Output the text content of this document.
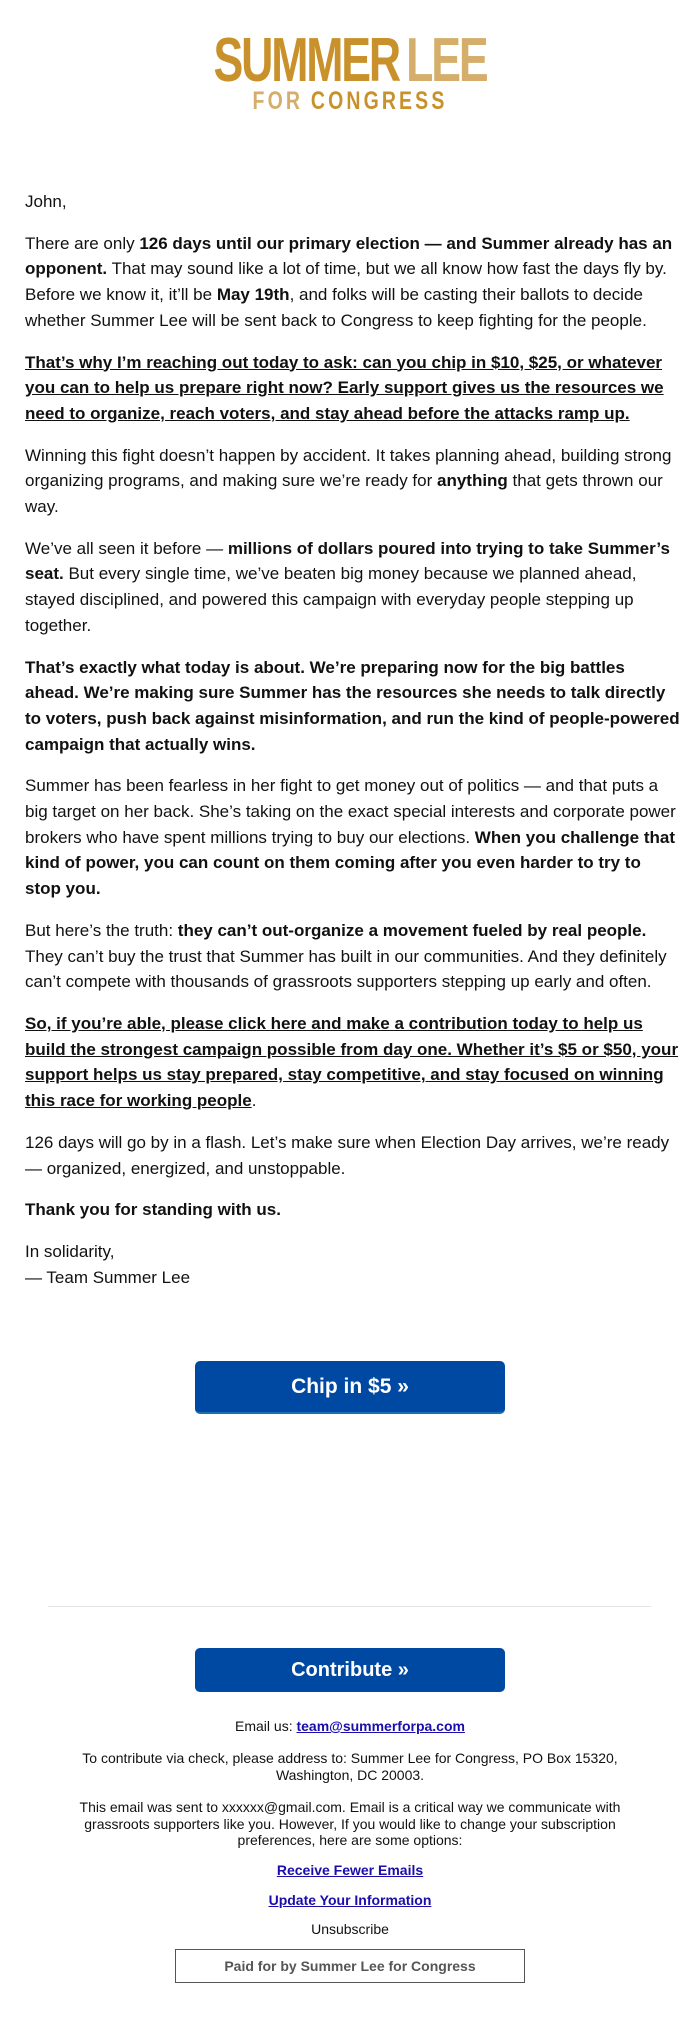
SUMMER LEE
FOR CONGRESS

John,

There are only 126 days until our primary election — and Summer already has an opponent. That may sound like a lot of time, but we all know how fast the days fly by. Before we know it, it’ll be May 19th, and folks will be casting their ballots to decide whether Summer Lee will be sent back to Congress to keep fighting for the people.

That’s why I’m reaching out today to ask: can you chip in $10, $25, or whatever you can to help us prepare right now? Early support gives us the resources we need to organize, reach voters, and stay ahead before the attacks ramp up.

Winning this fight doesn’t happen by accident. It takes planning ahead, building strong organizing programs, and making sure we’re ready for anything that gets thrown our way.

We’ve all seen it before — millions of dollars poured into trying to take Summer’s seat. But every single time, we’ve beaten big money because we planned ahead, stayed disciplined, and powered this campaign with everyday people stepping up together.

That’s exactly what today is about. We’re preparing now for the big battles ahead. We’re making sure Summer has the resources she needs to talk directly to voters, push back against misinformation, and run the kind of people-powered campaign that actually wins.

Summer has been fearless in her fight to get money out of politics — and that puts a big target on her back. She’s taking on the exact special interests and corporate power brokers who have spent millions trying to buy our elections. When you challenge that kind of power, you can count on them coming after you even harder to try to stop you.

But here’s the truth: they can’t out-organize a movement fueled by real people. They can’t buy the trust that Summer has built in our communities. And they definitely can’t compete with thousands of grassroots supporters stepping up early and often.

So, if you’re able, please click here and make a contribution today to help us build the strongest campaign possible from day one. Whether it’s $5 or $50, your support helps us stay prepared, stay competitive, and stay focused on winning this race for working people.

126 days will go by in a flash. Let’s make sure when Election Day arrives, we’re ready — organized, energized, and unstoppable.

Thank you for standing with us.

In solidarity,
— Team Summer Lee
Chip in $5 »
Contribute »
Email us: team@summerforpa.com
To contribute via check, please address to: Summer Lee for Congress, PO Box 15320, Washington, DC 20003.
This email was sent to xxxxxx@gmail.com. Email is a critical way we communicate with grassroots supporters like you. However, If you would like to change your subscription preferences, here are some options:
Receive Fewer Emails
Update Your Information
Unsubscribe
Paid for by Summer Lee for Congress
